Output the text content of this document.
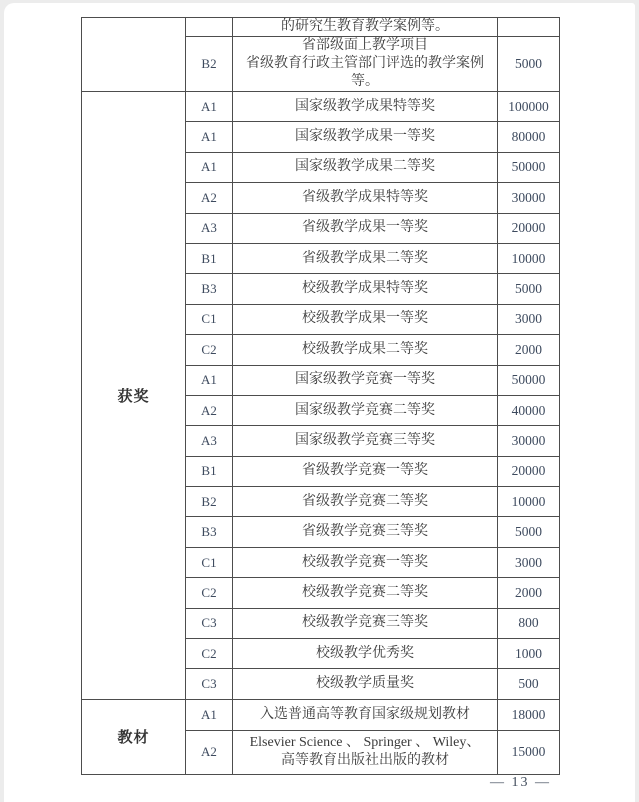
		的研究生教育教学案例等。	

	B2	省部级面上教学项目
省级教育行政主管部门评选的教学案例等。	5000
获奖	A1	国家级教学成果特等奖	100000
	A1	国家级教学成果一等奖	80000
	A1	国家级教学成果二等奖	50000
	A2	省级教学成果特等奖	30000
	A3	省级教学成果一等奖	20000
	B1	省级教学成果二等奖	10000
	B3	校级教学成果特等奖	5000
	C1	校级教学成果一等奖	3000
	C2	校级教学成果二等奖	2000
	A1	国家级教学竞赛一等奖	50000
	A2	国家级教学竞赛二等奖	40000
	A3	国家级教学竞赛三等奖	30000
	B1	省级教学竞赛一等奖	20000
	B2	省级教学竞赛二等奖	10000
	B3	省级教学竞赛三等奖	5000
	C1	校级教学竞赛一等奖	3000
	C2	校级教学竞赛二等奖	2000
	C3	校级教学竞赛三等奖	800
	C2	校级教学优秀奖	1000
	C3	校级教学质量奖	500
教材	A1	入选普通高等教育国家级规划教材	18000
	A2	Elsevier Science 、 Springer 、 Wiley、
高等教育出版社出版的教材	15000
— 13 —
